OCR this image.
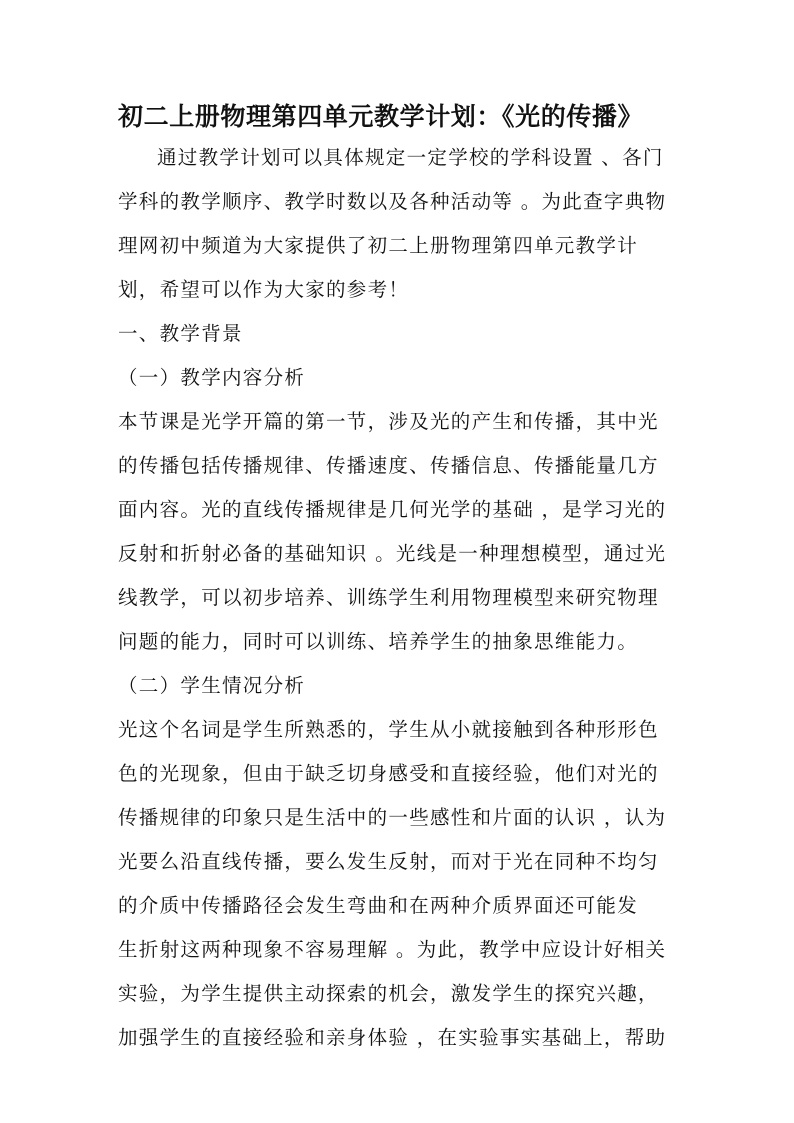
初二上册物理第四单元教学计划：《光的传播》

通过教学计划可以具体规定一定学校的学科设置 、各门

学科的教学顺序、教学时数以及各种活动等 。为此查字典物

理网初中频道为大家提供了初二上册物理第四单元教学计

划，希望可以作为大家的参考！

一、教学背景

（一）教学内容分析

本节课是光学开篇的第一节，涉及光的产生和传播，其中光

的传播包括传播规律、传播速度、传播信息、传播能量几方

面内容。光的直线传播规律是几何光学的基础 ，是学习光的

反射和折射必备的基础知识 。光线是一种理想模型，通过光

线教学，可以初步培养、训练学生利用物理模型来研究物理

问题的能力，同时可以训练、培养学生的抽象思维能力。

（二）学生情况分析

光这个名词是学生所熟悉的，学生从小就接触到各种形形色

色的光现象，但由于缺乏切身感受和直接经验，他们对光的

传播规律的印象只是生活中的一些感性和片面的认识 ，认为

光要么沿直线传播，要么发生反射，而对于光在同种不均匀

的介质中传播路径会发生弯曲和在两种介质界面还可能发

生折射这两种现象不容易理解 。为此，教学中应设计好相关

实验，为学生提供主动探索的机会，激发学生的探究兴趣，

加强学生的直接经验和亲身体验 ，在实验事实基础上，帮助
